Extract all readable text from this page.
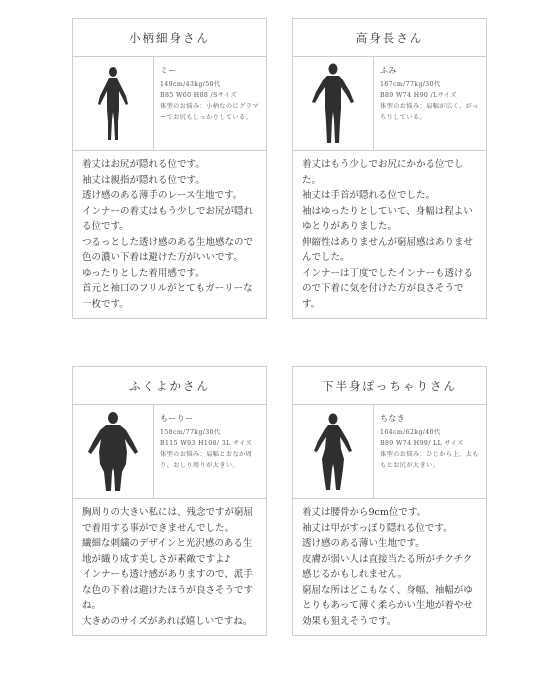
小柄細身さん
ミー
149cm/43kg/50代
B85 W60 H88 /Sサイズ
体型のお悩み：小柄なのにグラマーでお尻もしっかりしている。
着丈はお尻が隠れる位です。
袖丈は親指が隠れる位です。
透け感のある薄手のレース生地です。
インナーの着丈はもう少しでお尻が隠れる位です。
つるっとした透け感のある生地感なので色の濃い下着は避けた方がいいです。
ゆったりとした着用感です。
首元と袖口のフリルがとてもガーリーな一枚です。
高身長さん
ふみ
167cm/77kg/30代
B89 W74 H90 /Lサイズ
体型のお悩み：肩幅が広く、がっちりしている。
着丈はもう少しでお尻にかかる位でした。
袖丈は手首が隠れる位でした。
袖はゆったりとしていて、身幅は程よいゆとりがありました。
伸縮性はありませんが窮屈感はありませんでした。
インナーは丁度でしたインナーも透けるので下着に気を付けた方が良さそうです。
ふくよかさん
もーりー
158cm/77kg/30代
B115 W93 H108/ 3L サイズ
体型のお悩み：肩幅とおなか周り、おしり周りが大きい。
胸周りの大きい私には、残念ですが窮屈で着用する事ができませんでした。
繊細な刺繍のデザインと光沢感のある生地が織り成す美しさが素敵ですよ♪
インナーも透け感がありますので、派手な色の下着は避けたほうが良さそうですね。
大きめのサイズがあれば嬉しいですね。
下半身ぽっちゃりさん
ちなき
164cm/62kg/40代
B89 W74 H99/ LL サイズ
体型のお悩み：ひじから上、太ももとお尻が大きい。
着丈は腰骨から9cm位です。
袖丈は甲がすっぽり隠れる位です。
透け感のある薄い生地です。
皮膚が弱い人は直接当たる所がチクチク感じるかもしれません。
窮屈な所はどこもなく、身幅、袖幅がゆとりもあって薄く柔らかい生地が着やせ効果も狙えそうです。
